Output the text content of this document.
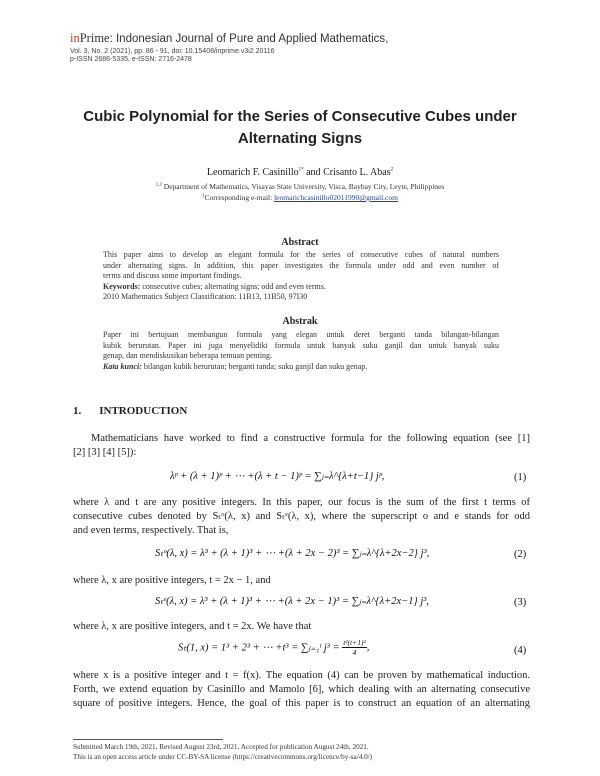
inPrime: Indonesian Journal of Pure and Applied Mathematics,
Vol. 3, No. 2 (2021), pp. 86 - 91, doi: 10.15408/inprime.v3i2.20116
p-ISSN 2686-5335, e-ISSN: 2716-2478
Cubic Polynomial for the Series of Consecutive Cubes under
Alternating Signs
Leomarich F. Casinillo$^{1*}$ and Crisanto L. Abas$^2$
$^{1,2}$ Department of Mathematics, Visayas State University, Visca, Baybay City, Leyte, Philippines
$^1$Corresponding e-mail: leomarichcasinillo02011990@gmail.com
Abstract
This paper aims to develop an elegant formula for the series of consecutive cubes of natural numbers
under alternating signs. In addition, this paper investigates the formula under odd and even number of
terms and discuss some important findings.
Keywords: consecutive cubes; alternating signs; odd and even terms.
2010 Mathematics Subject Classification: 11B13, 11B50, 97I30
Abstrak
Paper ini bertujuan membangun formula yang elegan untuk deret berganti tanda bilangan-bilangan
kubik berurutan. Paper ini juga menyelidiki formula untuk banyak suku ganjil dan untuk banyak suku
genap, dan mendiskusikan beberapa temuan penting.
Kata kunci: bilangan kubik berurutan; berganti tanda; suku ganjil dan suku genap.
1. INTRODUCTION
Mathematicians have worked to find a constructive formula for the following equation (see [1]
[2] [3] [4] [5]):
λᵖ + (λ + 1)ᵖ + ⋯ +(λ + t − 1)ᵖ = ∑ⱼ₌λ^{λ+t−1} jᵖ,	(1)
where λ and t are any positive integers. In this paper, our focus is the sum of the first t terms of
consecutive cubes denoted by Sₜᵒ(λ, x) and Sₜᵉ(λ, x), where the superscript o and e stands for odd
and even terms, respectively. That is,
Sₜᵒ(λ, x) = λ³ + (λ + 1)³ + ⋯ +(λ + 2x − 2)³ = ∑ⱼ₌λ^{λ+2x−2} j³,	(2)
where λ, x are positive integers, t = 2x − 1, and
Sₜᵉ(λ, x) = λ³ + (λ + 1)³ + ⋯ +(λ + 2x − 1)³ = ∑ⱼ₌λ^{λ+2x−1} j³,	(3)
where λ, x are positive integers, and t = 2x. We have that
Sₜ(1, x) = 1³ + 2³ + ⋯ +t³ = ∑ⱼ₌₁ᵗ $j^3 = \frac{\text{t²(t+1)²}}{4}$ ,	(4)
where x is a positive integer and t = f(x). The equation (4) can be proven by mathematical induction.
Forth, we extend equation by Casinillo and Mamolo [6], which dealing with an alternating consecutive
square of positive integers. Hence, the goal of this paper is to construct an equation of an alternating
Submitted March 19th, 2021, Revised August 23rd, 2021, Accepted for publication August 24th, 2021.
This is an open access article under CC-BY-SA license (https://creativecommons.org/licence/by-sa/4.0/)
